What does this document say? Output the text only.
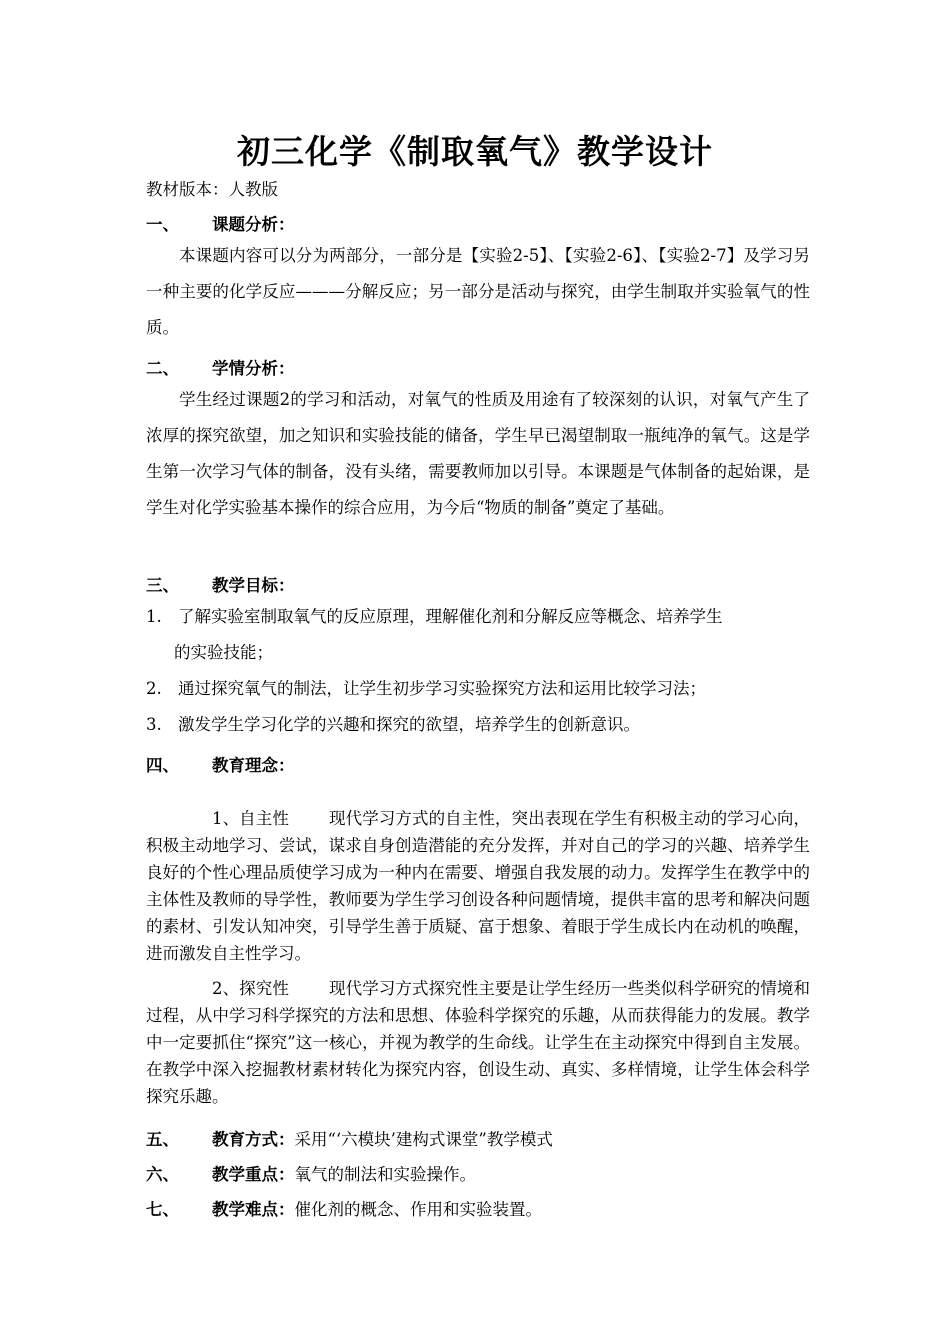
初三化学《制取氧气》教学设计
教材版本：人教版
一、 课题分析：
本课题内容可以分为两部分，一部分是【实验2-5】、【实验2-6】、【实验2-7】及学习另一种主要的化学反应———分解反应；另一部分是活动与探究，由学生制取并实验氧气的性质。
二、 学情分析：
学生经过课题2的学习和活动，对氧气的性质及用途有了较深刻的认识，对氧气产生了浓厚的探究欲望，加之知识和实验技能的储备，学生早已渴望制取一瓶纯净的氧气。这是学生第一次学习气体的制备，没有头绪，需要教师加以引导。本课题是气体制备的起始课，是学生对化学实验基本操作的综合应用，为今后“物质的制备”奠定了基础。
三、 教学目标：
1. 了解实验室制取氧气的反应原理，理解催化剂和分解反应等概念、培养学生
的实验技能；
2. 通过探究氧气的制法，让学生初步学习实验探究方法和运用比较学习法；
3. 激发学生学习化学的兴趣和探究的欲望，培养学生的创新意识。
四、 教育理念：
1、自主性 现代学习方式的自主性，突出表现在学生有积极主动的学习心向，积极主动地学习、尝试，谋求自身创造潜能的充分发挥，并对自己的学习的兴趣、培养学生良好的个性心理品质使学习成为一种内在需要、增强自我发展的动力。发挥学生在教学中的主体性及教师的导学性，教师要为学生学习创设各种问题情境，提供丰富的思考和解决问题的素材、引发认知冲突，引导学生善于质疑、富于想象、着眼于学生成长内在动机的唤醒，进而激发自主性学习。
2、探究性 现代学习方式探究性主要是让学生经历一些类似科学研究的情境和过程，从中学习科学探究的方法和思想、体验科学探究的乐趣，从而获得能力的发展。教学中一定要抓住“探究”这一核心，并视为教学的生命线。让学生在主动探究中得到自主发展。在教学中深入挖掘教材素材转化为探究内容，创设生动、真实、多样情境，让学生体会科学探究乐趣。
五、 教育方式：采用“‘六模块’建构式课堂”教学模式
六、 教学重点：氧气的制法和实验操作。
七、 教学难点：催化剂的概念、作用和实验装置。
